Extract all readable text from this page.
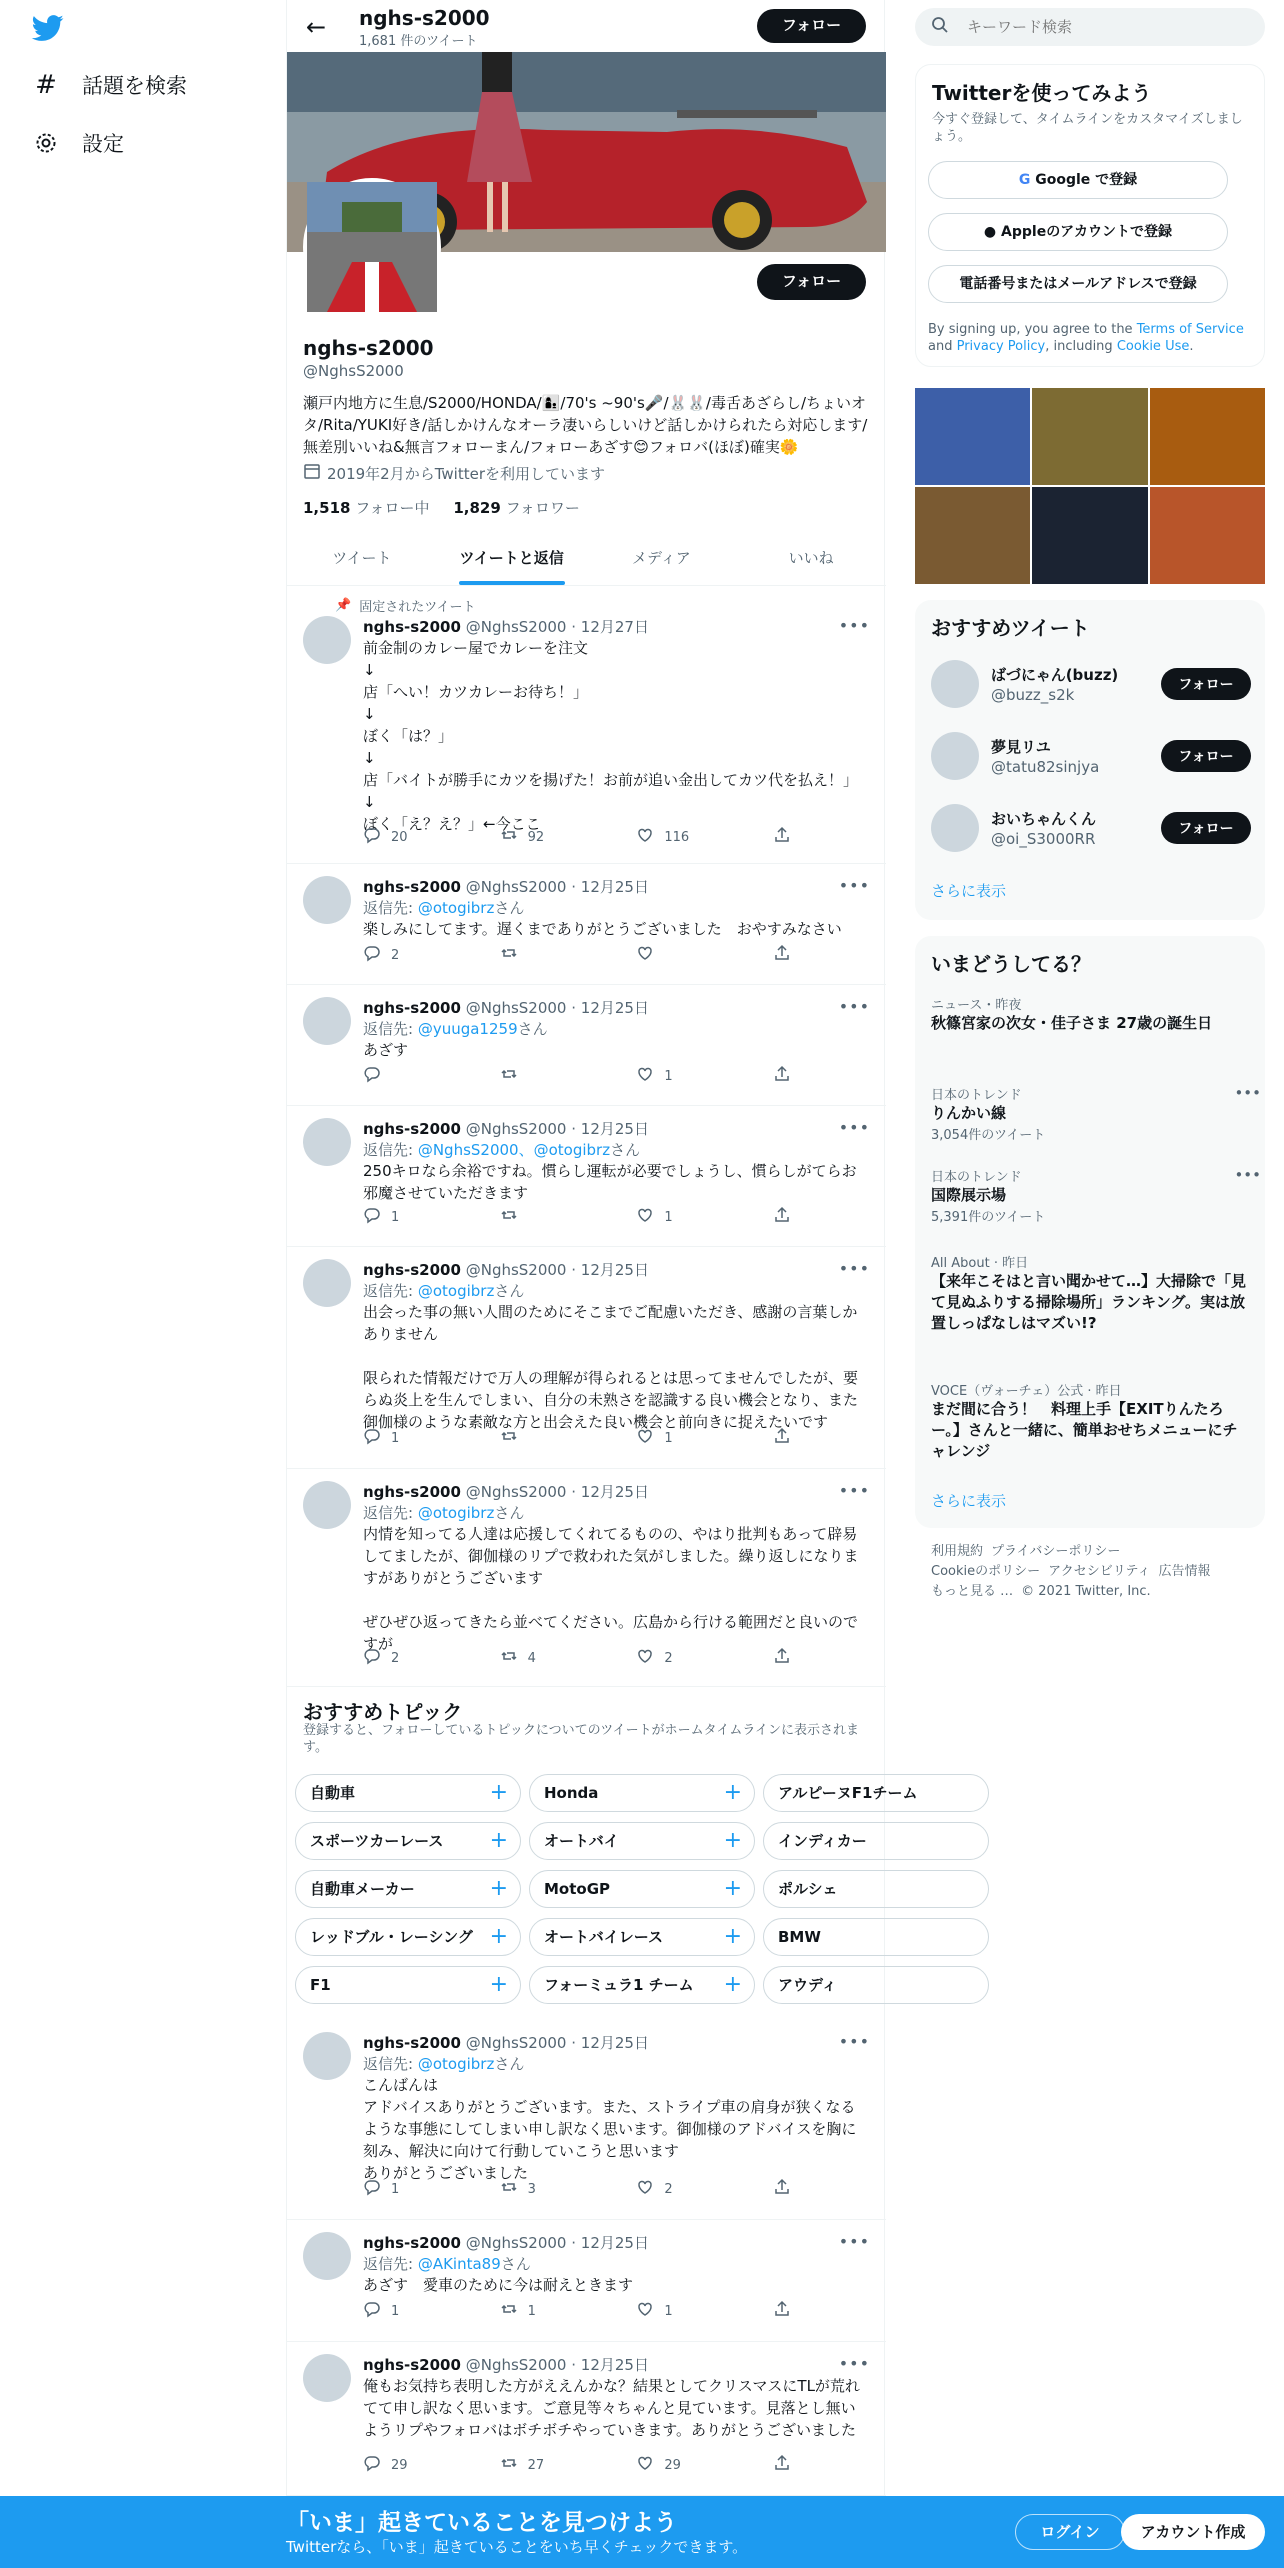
# 話題を検索
設定
← nghs-s2000
1,681 件のツイート
フォロー
フォロー
nghs-s2000
@NghsS2000
瀬戸内地方に生息/S2000/HONDA/👩‍👦/70's ~90's🎤/🐰🐰/毒舌あざらし/ちょいオタ/Rita/YUKI好き/話しかけんなオーラ凄いらしいけど話しかけられたら対応します/無差別いいね&無言フォローまん/フォローあざす😊フォロバ(ほぼ)確実🌼
2019年2月からTwitterを利用しています
1,518 フォロー中 1,829 フォロワー
ツイート	ツイートと返信	メディア	いいね
📌 固定されたツイート
•••
nghs-s2000 @NghsS2000 · 12月27日
前金制のカレー屋でカレーを注文
↓
店「へい！カツカレーお待ち！」
↓
ぼく「は？」
↓
店「バイトが勝手にカツを揚げた！お前が追い金出してカツ代を払え！」
↓
ぼく「え？え？」←今ここ
20	92	116
•••
nghs-s2000 @NghsS2000 · 12月25日
返信先: @otogibrzさん
楽しみにしてます。遅くまでありがとうございました　おやすみなさい
2
•••
nghs-s2000 @NghsS2000 · 12月25日
返信先: @yuuga1259さん
あざす
1
•••
nghs-s2000 @NghsS2000 · 12月25日
返信先: @NghsS2000、@otogibrzさん
250キロなら余裕ですね。慣らし運転が必要でしょうし、慣らしがてらお邪魔させていただきます
1	1
•••
nghs-s2000 @NghsS2000 · 12月25日
返信先: @otogibrzさん
出会った事の無い人間のためにそこまでご配慮いただき、感謝の言葉しかありません

限られた情報だけで万人の理解が得られるとは思ってませんでしたが、要らぬ炎上を生んでしまい、自分の未熟さを認識する良い機会となり、また御伽様のような素敵な方と出会えた良い機会と前向きに捉えたいです
1	1
•••
nghs-s2000 @NghsS2000 · 12月25日
返信先: @otogibrzさん
内情を知ってる人達は応援してくれてるものの、やはり批判もあって辟易してましたが、御伽様のリプで救われた気がしました。繰り返しになりますがありがとうございます

ぜひぜひ返ってきたら並べてください。広島から行ける範囲だと良いのですが
2	4	2
•••
nghs-s2000 @NghsS2000 · 12月25日
返信先: @otogibrzさん
こんばんは
アドバイスありがとうございます。また、ストライプ車の肩身が狭くなるような事態にしてしまい申し訳なく思います。御伽様のアドバイスを胸に刻み、解決に向けて行動していこうと思います
ありがとうございました
1	3	2
•••
nghs-s2000 @NghsS2000 · 12月25日
返信先: @AKinta89さん
あざす　愛車のために今は耐えときます
1	1	1
•••
nghs-s2000 @NghsS2000 · 12月25日
俺もお気持ち表明した方がええんかな？結果としてクリスマスにTLが荒れてて申し訳なく思います。ご意見等々ちゃんと見ています。見落とし無いようリプやフォロバはボチボチやっていきます。ありがとうございました
29	27	29
おすすめトピック
登録すると、フォローしているトピックについてのツイートがホームタイムラインに表示されます。
自動車	+	Honda	+	アルピーヌF1チーム
スポーツカーレース +	オートバイ	+	インディカー
自動車メーカー	+	MotoGP	+	ポルシェ
レッドブル・レーシング +	オートバイレース	+	BMW
F1	+	フォーミュラ1 チーム +	アウディ
キーワード検索
Twitterを使ってみよう
今すぐ登録して、タイムラインをカスタマイズしましょう。
G Google で登録
● Appleのアカウントで登録
電話番号またはメールアドレスで登録
By signing up, you agree to the Terms of Service and Privacy Policy, including Cookie Use.
おすすめツイート
ばづにゃん(buzz)
@buzz_s2k
フォロー
夢見リユ
@tatu82sinjya
フォロー
おいちゃんくん
@oi_S3000RR
フォロー
さらに表示
いまどうしてる？
ニュース・昨夜
秋篠宮家の次女・佳子さま 27歳の誕生日
日本のトレンド
りんかい線
3,054件のツイート
•••
日本のトレンド
国際展示場
5,391件のツイート
•••
All About · 昨日
【来年こそはと言い聞かせて…】大掃除で「見て見ぬふりする掃除場所」ランキング。実は放置しっぱなしはマズい!?
VOCE（ヴォーチェ）公式 · 昨日
まだ間に合う！　料理上手【EXITりんたろー。】さんと一緒に、簡単おせちメニューにチャレンジ
さらに表示
利用規約 プライバシーポリシー
Cookieのポリシー アクセシビリティ 広告情報
もっと見る … © 2021 Twitter, Inc.
「いま」起きていることを見つけよう
Twitterなら、「いま」起きていることをいち早くチェックできます。
ログイン	アカウント作成
